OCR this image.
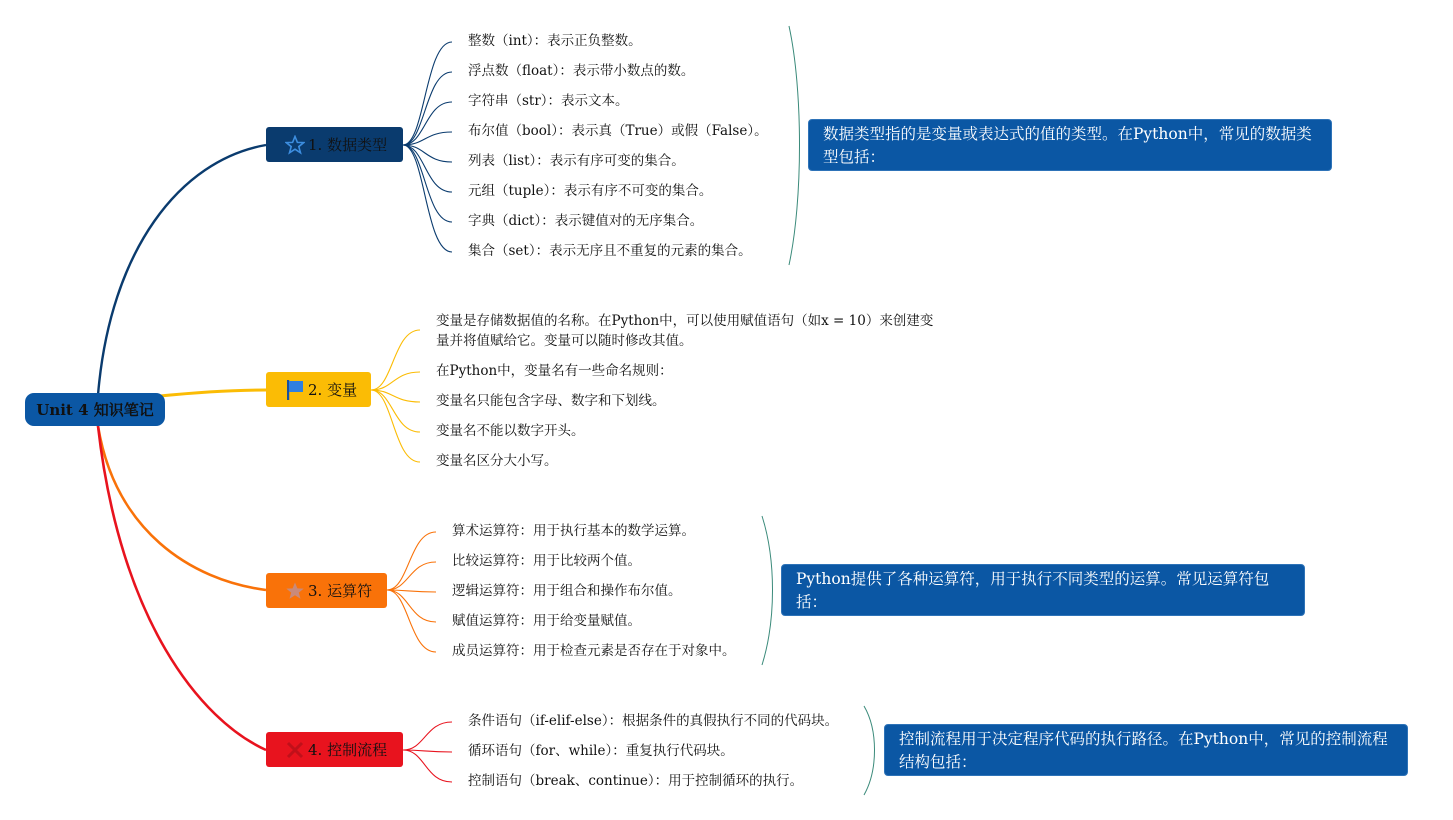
Unit 4 知识笔记
1. 数据类型
整数（int）：表示正负整数。
浮点数（float）：表示带小数点的数。
字符串（str）：表示文本。
布尔值（bool）：表示真（True）或假（False）。
列表（list）：表示有序可变的集合。
元组（tuple）：表示有序不可变的集合。
字典（dict）：表示键值对的无序集合。
集合（set）：表示无序且不重复的元素的集合。
数据类型指的是变量或表达式的值的类型。在Python中，常见的数据类型包括：
2. 变量
变量是存储数据值的名称。在Python中，可以使用赋值语句（如x = 10）来创建变量并将值赋给它。变量可以随时修改其值。
在Python中，变量名有一些命名规则：
变量名只能包含字母、数字和下划线。
变量名不能以数字开头。
变量名区分大小写。
3. 运算符
算术运算符：用于执行基本的数学运算。
比较运算符：用于比较两个值。
逻辑运算符：用于组合和操作布尔值。
赋值运算符：用于给变量赋值。
成员运算符：用于检查元素是否存在于对象中。
Python提供了各种运算符，用于执行不同类型的运算。常见运算符包括：
4. 控制流程
条件语句（if-elif-else）：根据条件的真假执行不同的代码块。
循环语句（for、while）：重复执行代码块。
控制语句（break、continue）：用于控制循环的执行。
控制流程用于决定程序代码的执行路径。在Python中，常见的控制流程结构包括：
